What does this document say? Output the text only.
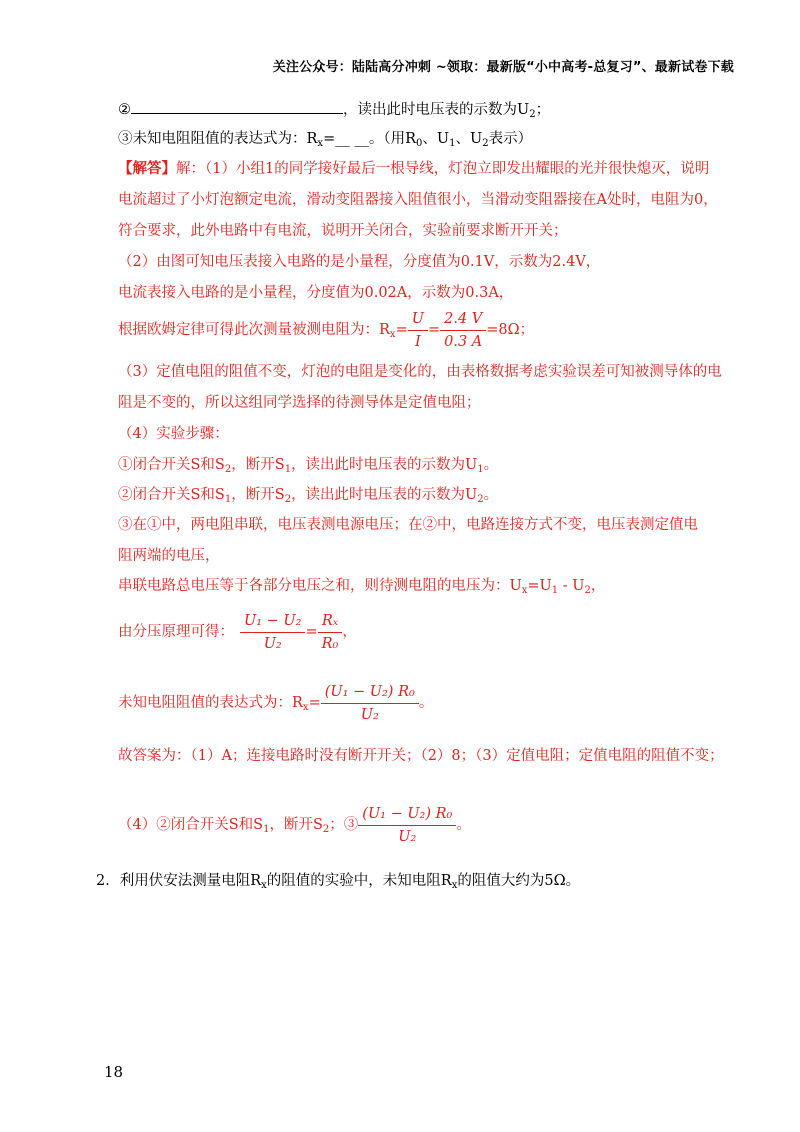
关注公众号：陆陆高分冲刺 ~领取：最新版“小中高考-总复习”、最新试卷下载
②	，读出此时电压表的示数为$U_2$；
③未知电阻阻值的表达式为：$R_x=\_\_$ __。（用$R_0$、$U_1$、$U_2$表示）
【解答】解：（1）小组1的同学接好最后一根导线，灯泡立即发出耀眼的光并很快熄灭，说明
电流超过了小灯泡额定电流，滑动变阻器接入阻值很小，当滑动变阻器接在A处时，电阻为0，
符合要求，此外电路中有电流，说明开关闭合，实验前要求断开开关；
（2）由图可知电压表接入电路的是小量程，分度值为0.1V，示数为2.4V，
电流表接入电路的是小量程，分度值为0.02A，示数为0.3A，
根据欧姆定律可得此次测量被测电阻为：$R_x= \frac{U}{I} = \frac{2.4 V}{0.3 A} =8\Omega$；
（3）定值电阻的阻值不变，灯泡的电阻是变化的，由表格数据考虑实验误差可知被测导体的电
阻是不变的，所以这组同学选择的待测导体是定值电阻；
（4）实验步骤：
①闭合开关S和$S_2$，断开$S_1$，读出此时电压表的示数为$U_1$。
②闭合开关S和$S_1$，断开$S_2$，读出此时电压表的示数为$U_2$。
③在①中，两电阻串联，电压表测电源电压；在②中，电路连接方式不变，电压表测定值电
阻两端的电压，
串联电路总电压等于各部分电压之和，则待测电阻的电压为：$U_x=U_1 - U_2$，
由分压原理可得： $\frac{\text{U₁ − U₂}}{\text{U₂}} = \frac{\text{Rₓ}}{\text{R₀}}$ ，
未知电阻阻值的表达式为：$R_x= \frac{\text{(U₁ − U₂) R₀}}{\text{U₂}}$ 。
故答案为：（1）A；连接电路时没有断开开关；（2）8；（3）定值电阻；定值电阻的阻值不变；
（4）②闭合开关S和$S_1$，断开$S_2$；③ $\frac{\text{(U₁ − U₂) R₀}}{\text{U₂}}$ 。
2．利用伏安法测量电阻$R_x$的阻值的实验中，未知电阻$R_x$的阻值大约为5Ω。
18
